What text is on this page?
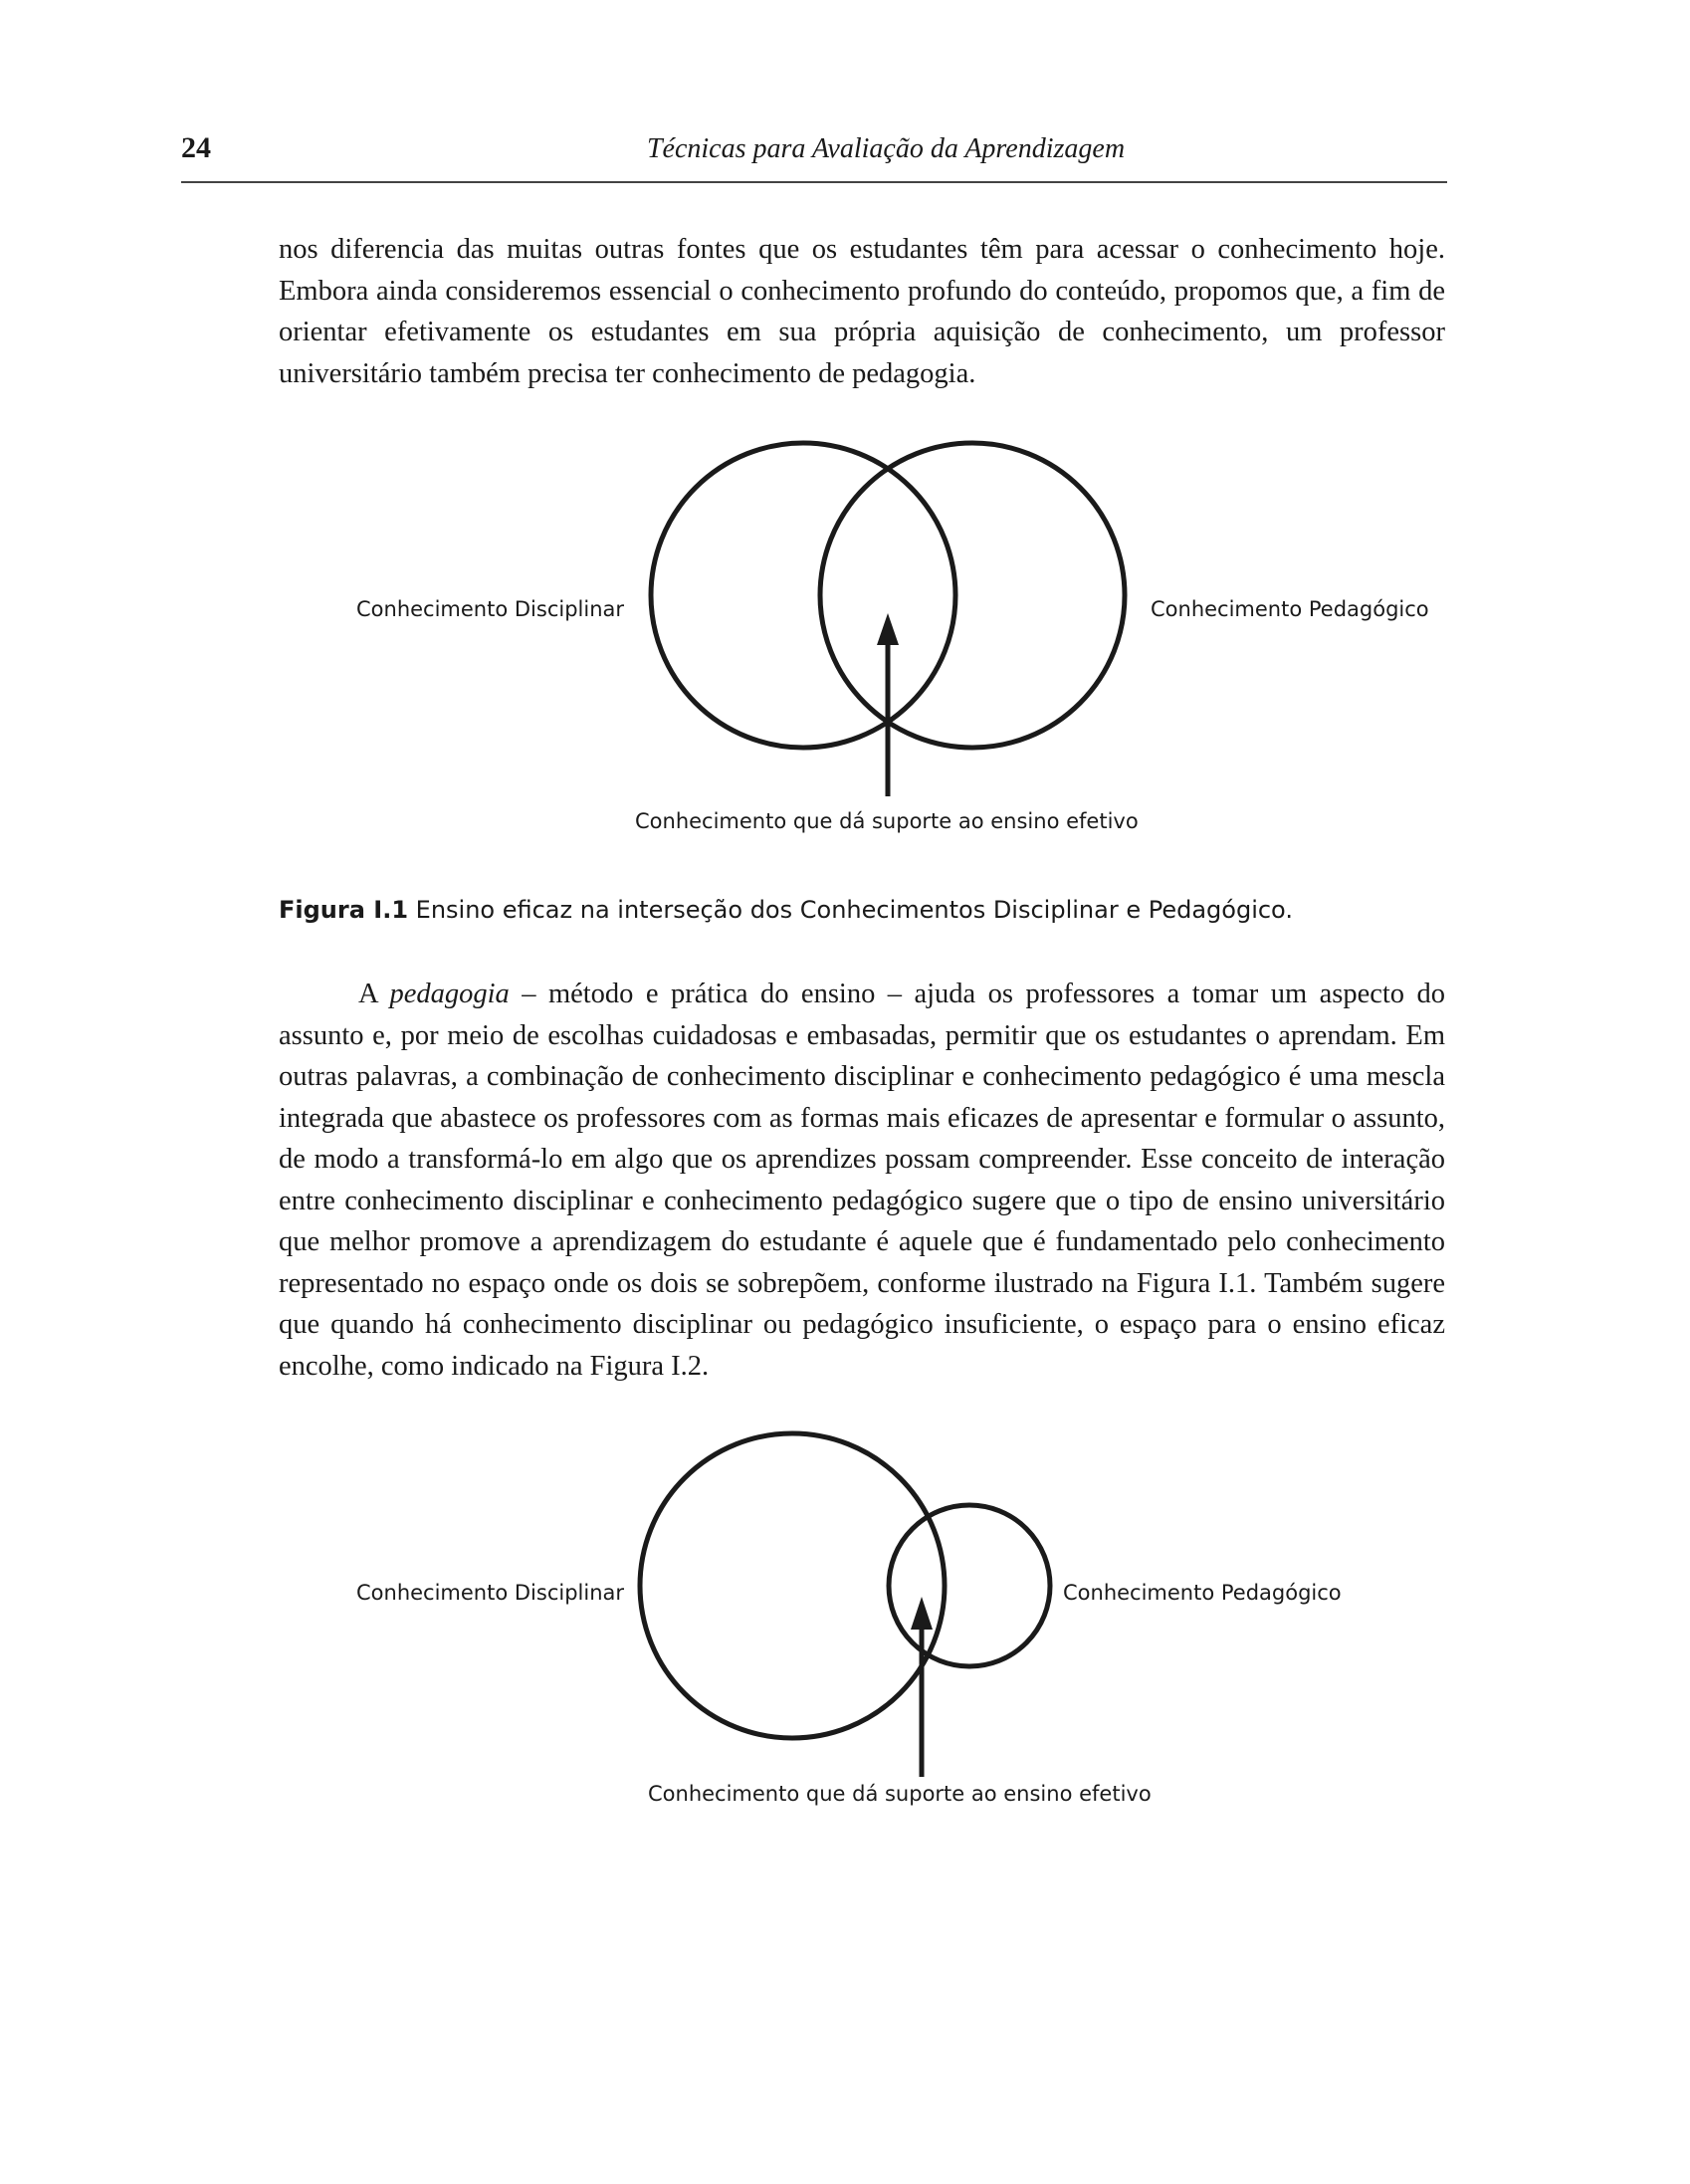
24	Técnicas para Avaliação da Aprendizagem

nos diferencia das muitas outras fontes que os estudantes têm para acessar o conhecimento hoje. Embora ainda consideremos essencial o conhecimento profundo do conteúdo, propomos que, a fim de orientar efetivamente os estudantes em sua própria aquisição de conhecimento, um professor universitário também precisa ter conhecimento de pedagogia.

Conhecimento Disciplinar	Conhecimento Pedagógico
Conhecimento que dá suporte ao ensino efetivo
Figura I.1 Ensino eficaz na interseção dos Conhecimentos Disciplinar e Pedagógico.

A pedagogia – método e prática do ensino – ajuda os professores a tomar um aspecto do assunto e, por meio de escolhas cuidadosas e embasadas, permitir que os estudantes o aprendam. Em outras palavras, a combinação de conhecimento disciplinar e conhecimento pedagógico é uma mescla integrada que abastece os professores com as formas mais eficazes de apresentar e formular o assunto, de modo a transformá-lo em algo que os aprendizes possam compreender. Esse conceito de interação entre conhecimento disciplinar e conhecimento pedagógico sugere que o tipo de ensino universitário que melhor promove a aprendizagem do estudante é aquele que é fundamentado pelo conhecimento representado no espaço onde os dois se sobrepõem, conforme ilustrado na Figura I.1. Também sugere que quando há conhecimento disciplinar ou pedagógico insuficiente, o espaço para o ensino eficaz encolhe, como indicado na Figura I.2.

Conhecimento Disciplinar	Conhecimento Pedagógico
Conhecimento que dá suporte ao ensino efetivo
